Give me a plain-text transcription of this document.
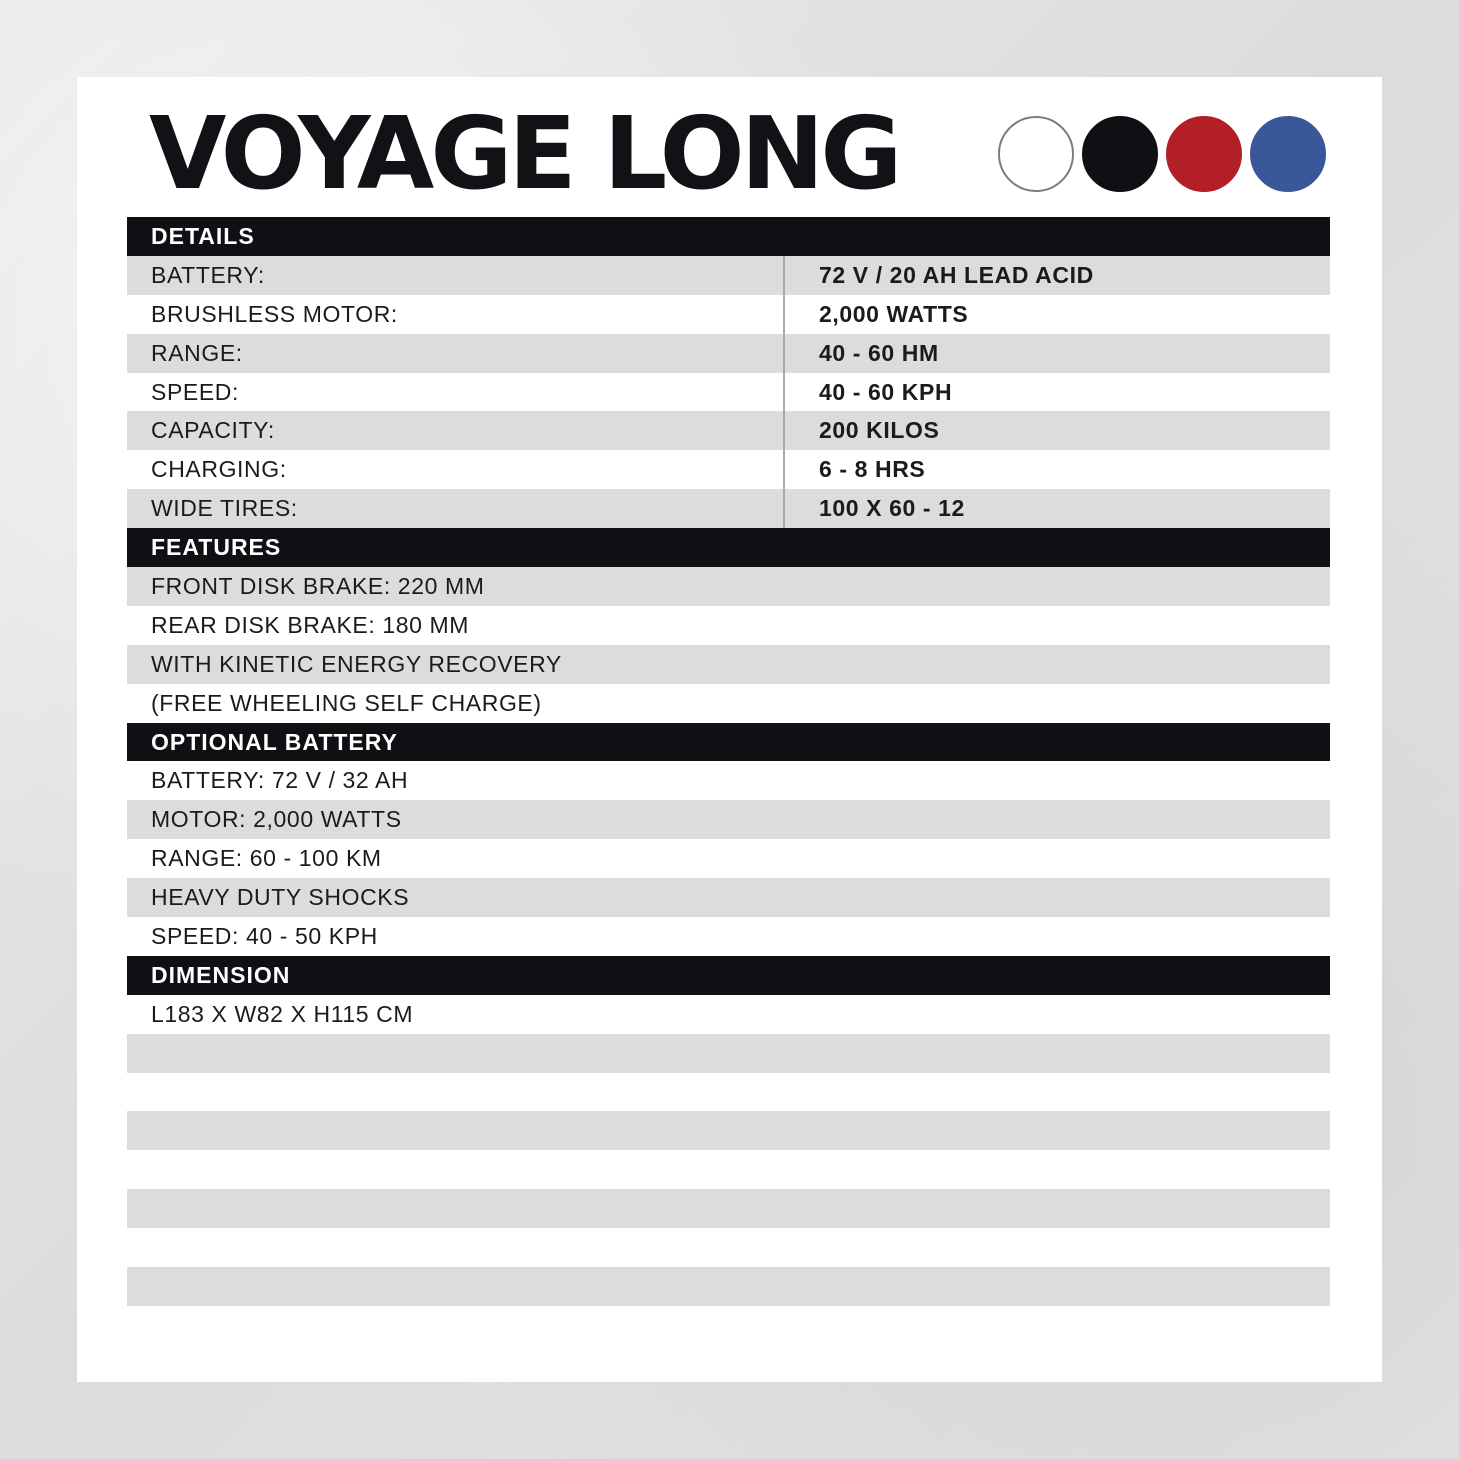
VOYAGE LONG
DETAILS
BATTERY:	72 V / 20 AH LEAD ACID
BRUSHLESS MOTOR:	2,000 WATTS
RANGE:	40 - 60 HM
SPEED:	40 - 60 KPH
CAPACITY:	200 KILOS
CHARGING:	6 - 8 HRS
WIDE TIRES:	100 X 60 - 12
FEATURES
FRONT DISK BRAKE: 220 MM
REAR DISK BRAKE: 180 MM
WITH KINETIC ENERGY RECOVERY
(FREE WHEELING SELF CHARGE)
OPTIONAL BATTERY
BATTERY: 72 V / 32 AH
MOTOR: 2,000 WATTS
RANGE: 60 - 100 KM
HEAVY DUTY SHOCKS
SPEED: 40 - 50 KPH
DIMENSION
L183 X W82 X H115 CM
